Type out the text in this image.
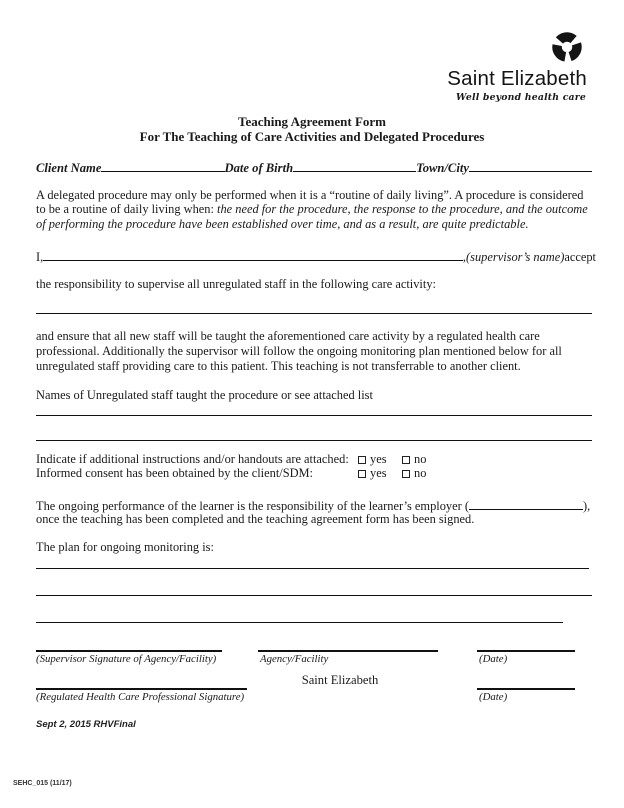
Saint Elizabeth
Well beyond health care
Teaching Agreement Form
For The Teaching of Care Activities and Delegated Procedures
Client Name	Date of Birth	Town/City

A delegated procedure may only be performed when it is a “routine of daily living”. A procedure is considered to be a routine of daily living when: the need for the procedure, the response to the procedure, and the outcome of performing the procedure have been established over time, and as a result, are quite predictable.

I,	, (supervisor’s name) accept
the responsibility to supervise all unregulated staff in the following care activity:

and ensure that all new staff will be taught the aforementioned care activity by a regulated health care professional. Additionally the supervisor will follow the ongoing monitoring plan mentioned below for all unregulated staff providing care to this patient. This teaching is not transferrable to another client.

Names of Unregulated staff taught the procedure or see attached list
Indicate if additional instructions and/or handouts are attached: yes no
Informed consent has been obtained by the client/SDM:	yes no
The ongoing performance of the learner is the responsibility of the learner’s employer (	),
once the teaching has been completed and the teaching agreement form has been signed.
The plan for ongoing monitoring is:
(Supervisor Signature of Agency/Facility)	Agency/Facility	(Date)
Saint Elizabeth
(Regulated Health Care Professional Signature)	(Date)
Sept 2, 2015 RHVFinal
SEHC_015 (11/17)
